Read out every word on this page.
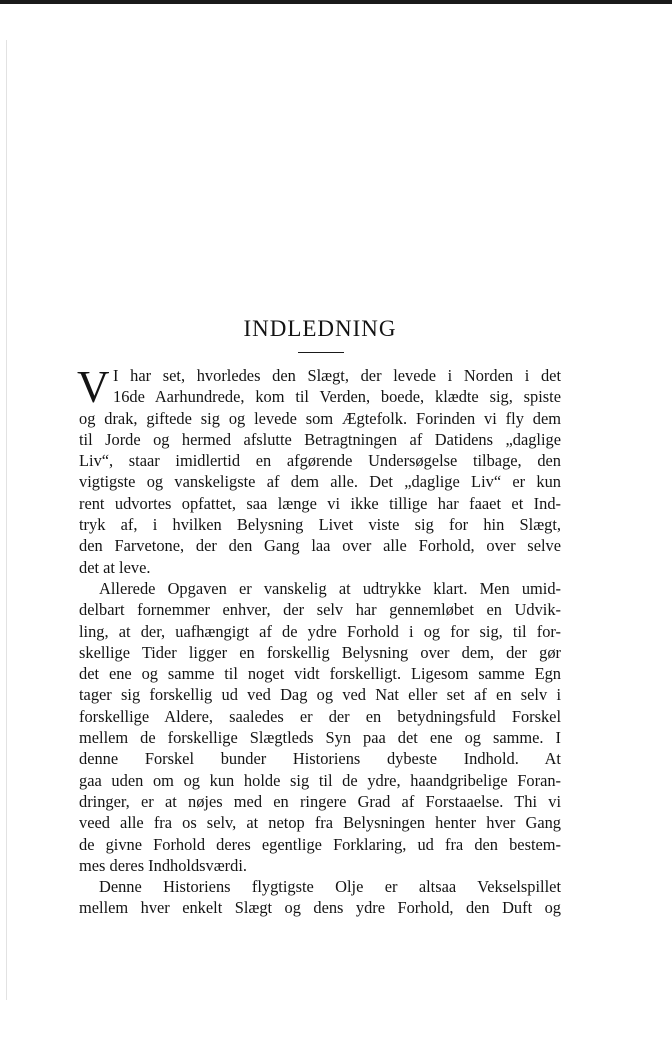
INDLEDNING
V I har set, hvorledes den Slægt, der levede i Norden i det
16de Aarhundrede, kom til Verden, boede, klædte sig, spiste
og drak, giftede sig og levede som Ægtefolk. Forinden vi fly dem
til Jorde og hermed afslutte Betragtningen af Datidens „daglige
Liv“, staar imidlertid en afgørende Undersøgelse tilbage, den
vigtigste og vanskeligste af dem alle. Det „daglige Liv“ er kun
rent udvortes opfattet, saa længe vi ikke tillige har faaet et Ind-
tryk af, i hvilken Belysning Livet viste sig for hin Slægt,
den Farvetone, der den Gang laa over alle Forhold, over selve
det at leve.
Allerede Opgaven er vanskelig at udtrykke klart. Men umid-
delbart fornemmer enhver, der selv har gennemløbet en Udvik-
ling, at der, uafhængigt af de ydre Forhold i og for sig, til for-
skellige Tider ligger en forskellig Belysning over dem, der gør
det ene og samme til noget vidt forskelligt. Ligesom samme Egn
tager sig forskellig ud ved Dag og ved Nat eller set af en selv i
forskellige Aldere, saaledes er der en betydningsfuld Forskel
mellem de forskellige Slægtleds Syn paa det ene og samme. I
denne Forskel bunder Historiens dybeste Indhold. At
gaa uden om og kun holde sig til de ydre, haandgribelige Foran-
dringer, er at nøjes med en ringere Grad af Forstaaelse. Thi vi
veed alle fra os selv, at netop fra Belysningen henter hver Gang
de givne Forhold deres egentlige Forklaring, ud fra den bestem-
mes deres Indholdsværdi.
Denne Historiens flygtigste Olje er altsaa Vekselspillet
mellem hver enkelt Slægt og dens ydre Forhold, den Duft og
